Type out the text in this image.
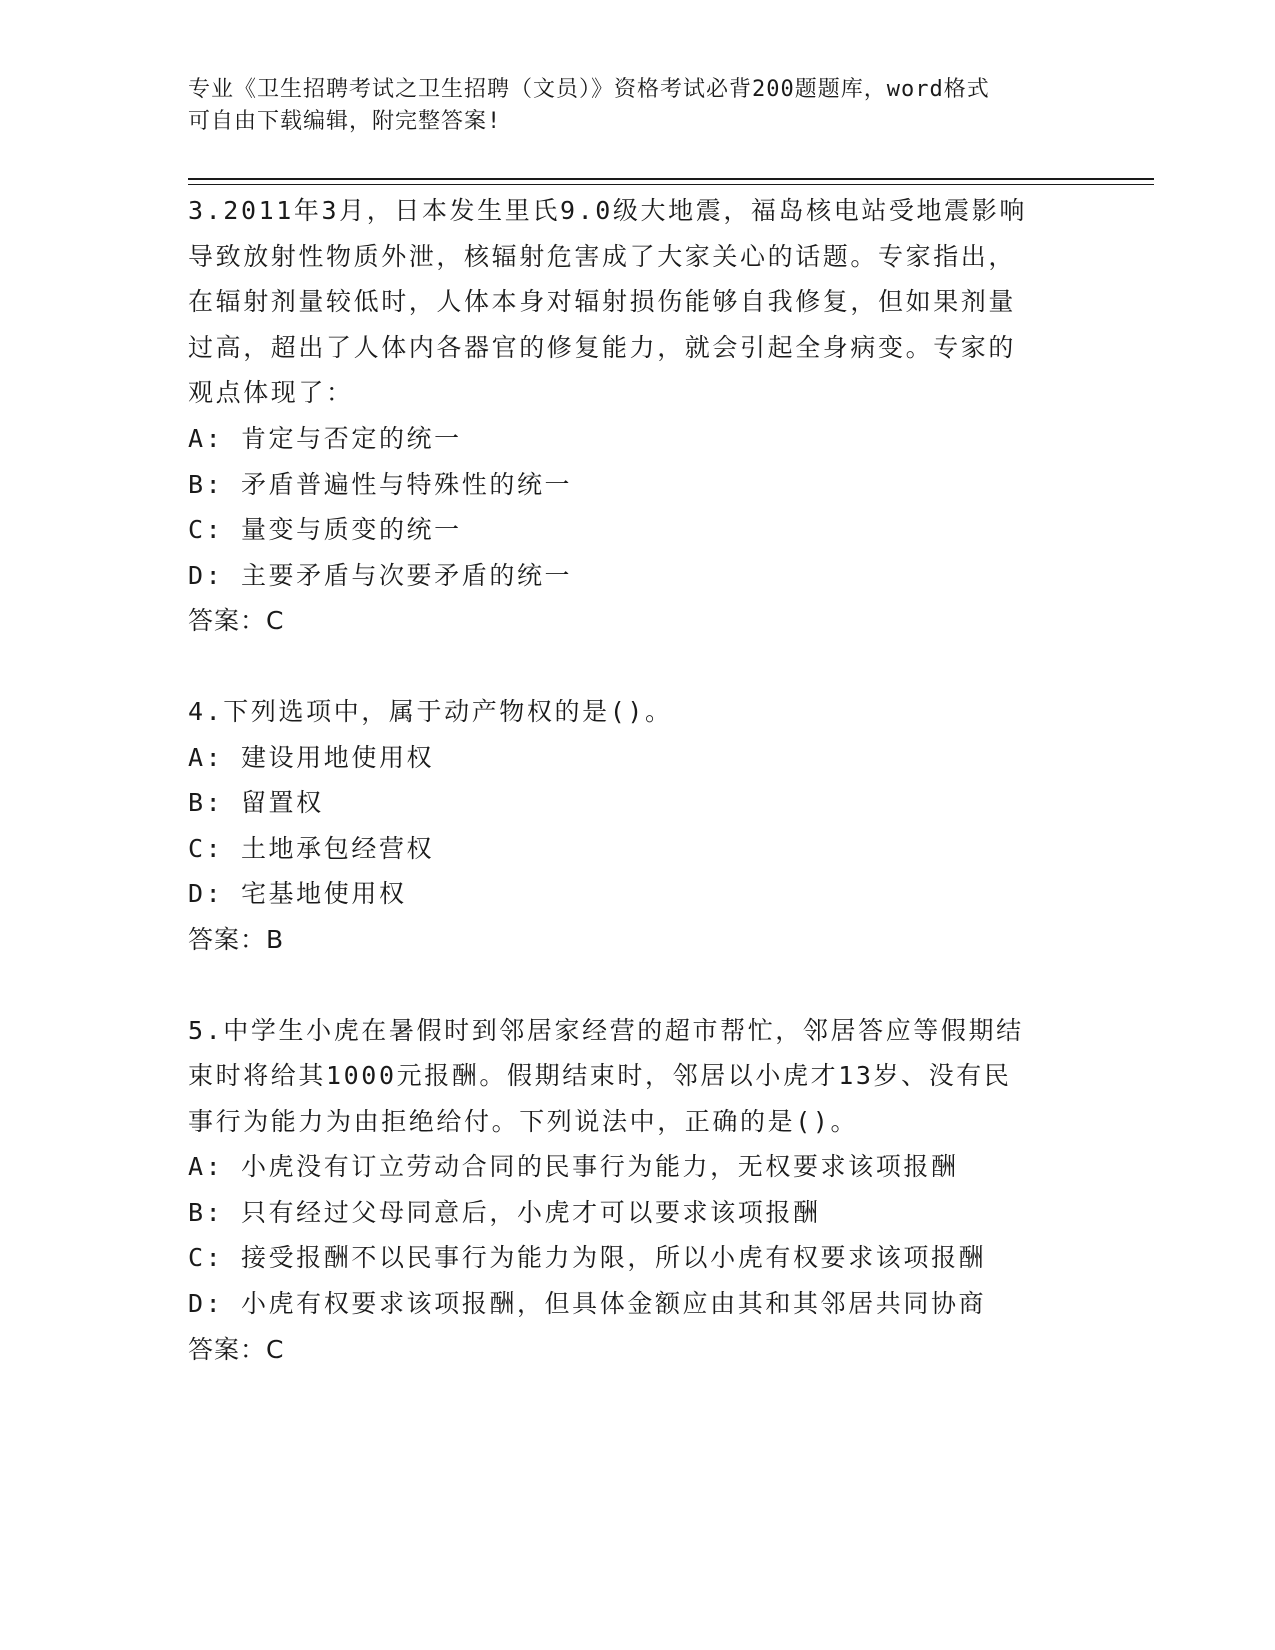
专业《卫生招聘考试之卫生招聘（文员）》资格考试必背200题题库，word格式
可自由下载编辑，附完整答案!

3.2011年3月，日本发生里氏9.0级大地震，福岛核电站受地震影响
导致放射性物质外泄，核辐射危害成了大家关心的话题。专家指出，
在辐射剂量较低时，人体本身对辐射损伤能够自我修复，但如果剂量
过高，超出了人体内各器官的修复能力，就会引起全身病变。专家的
观点体现了：

A: 肯定与否定的统一

B: 矛盾普遍性与特殊性的统一

C: 量变与质变的统一

D: 主要矛盾与次要矛盾的统一

答案：C

4.下列选项中，属于动产物权的是()。

A: 建设用地使用权

B: 留置权

C: 土地承包经营权

D: 宅基地使用权

答案：B

5.中学生小虎在暑假时到邻居家经营的超市帮忙，邻居答应等假期结
束时将给其1000元报酬。假期结束时，邻居以小虎才13岁、没有民
事行为能力为由拒绝给付。下列说法中，正确的是()。

A: 小虎没有订立劳动合同的民事行为能力，无权要求该项报酬

B: 只有经过父母同意后，小虎才可以要求该项报酬

C: 接受报酬不以民事行为能力为限，所以小虎有权要求该项报酬

D: 小虎有权要求该项报酬，但具体金额应由其和其邻居共同协商

答案：C
